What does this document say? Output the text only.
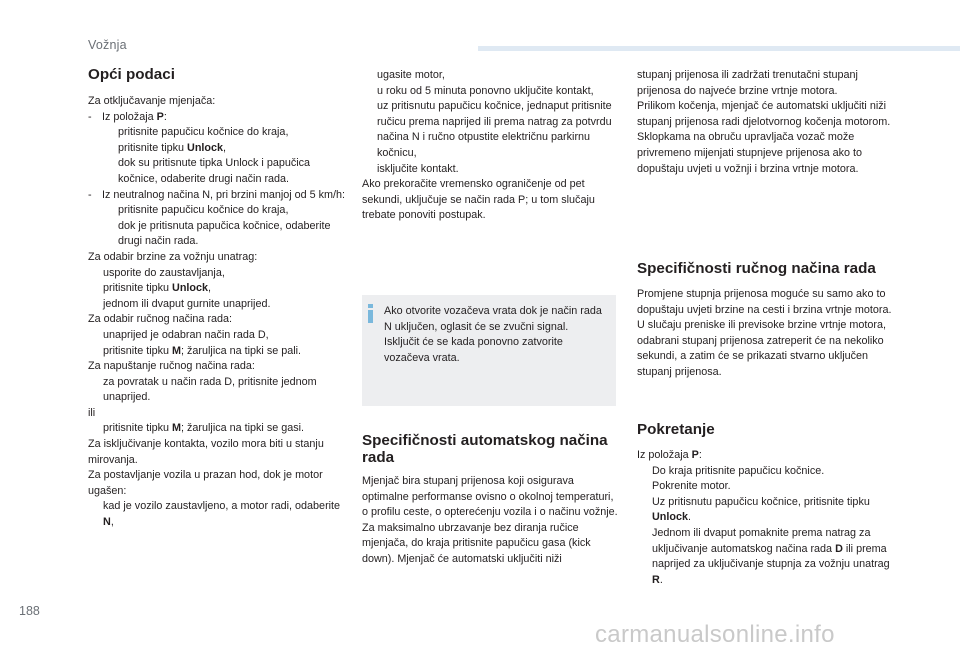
Vožnja
Opći podaci

Za otključavanje mjenjača:

- Iz položaja P:

pritisnite papučicu kočnice do kraja,

pritisnite tipku Unlock,

dok su pritisnute tipka Unlock i papučica kočnice, odaberite drugi način rada.

- Iz neutralnog načina N, pri brzini manjoj od 5 km/h:

pritisnite papučicu kočnice do kraja,

dok je pritisnuta papučica kočnice, odaberite drugi način rada.

Za odabir brzine za vožnju unatrag:

usporite do zaustavljanja,

pritisnite tipku Unlock,

jednom ili dvaput gurnite unaprijed.

Za odabir ručnog načina rada:

unaprijed je odabran način rada D,

pritisnite tipku M; žaruljica na tipki se pali.

Za napuštanje ručnog načina rada:

za povratak u način rada D, pritisnite jednom unaprijed.

ili

pritisnite tipku M; žaruljica na tipki se gasi.

Za isključivanje kontakta, vozilo mora biti u stanju mirovanja.

Za postavljanje vozila u prazan hod, dok je motor ugašen:

kad je vozilo zaustavljeno, a motor radi, odaberite N,

ugasite motor,

u roku od 5 minuta ponovno uključite kontakt,

uz pritisnutu papučicu kočnice, jednaput pritisnite ručicu prema naprijed ili prema natrag za potvrdu načina N i ručno otpustite električnu parkirnu kočnicu,

isključite kontakt.

Ako prekoračite vremensko ograničenje od pet sekundi, uključuje se način rada P; u tom slučaju trebate ponoviti postupak.

Ako otvorite vozačeva vrata dok je način rada N uključen, oglasit će se zvučni signal. Isključit će se kada ponovno zatvorite vozačeva vrata.

Specifičnosti automatskog načina rada

Mjenjač bira stupanj prijenosa koji osigurava optimalne performanse ovisno o okolnoj temperaturi, o profilu ceste, o opterećenju vozila i o načinu vožnje.
Za maksimalno ubrzavanje bez diranja ručice mjenjača, do kraja pritisnite papučicu gasa (kick down). Mjenjač će automatski uključiti niži

stupanj prijenosa ili zadržati trenutačni stupanj prijenosa do najveće brzine vrtnje motora.
Prilikom kočenja, mjenjač će automatski uključiti niži stupanj prijenosa radi djelotvornog kočenja motorom.
Sklopkama na obruču upravljača vozač može privremeno mijenjati stupnjeve prijenosa ako to dopuštaju uvjeti u vožnji i brzina vrtnje motora.

Specifičnosti ručnog načina rada

Promjene stupnja prijenosa moguće su samo ako to dopuštaju uvjeti brzine na cesti i brzina vrtnje motora.
U slučaju preniske ili previsoke brzine vrtnje motora, odabrani stupanj prijenosa zatreperit će na nekoliko sekundi, a zatim će se prikazati stvarno uključen stupanj prijenosa.

Pokretanje

Iz položaja P:

Do kraja pritisnite papučicu kočnice.

Pokrenite motor.

Uz pritisnutu papučicu kočnice, pritisnite tipku Unlock.

Jednom ili dvaput pomaknite prema natrag za uključivanje automatskog načina rada D ili prema naprijed za uključivanje stupnja za vožnju unatrag R.

188
carmanualsonline.info
